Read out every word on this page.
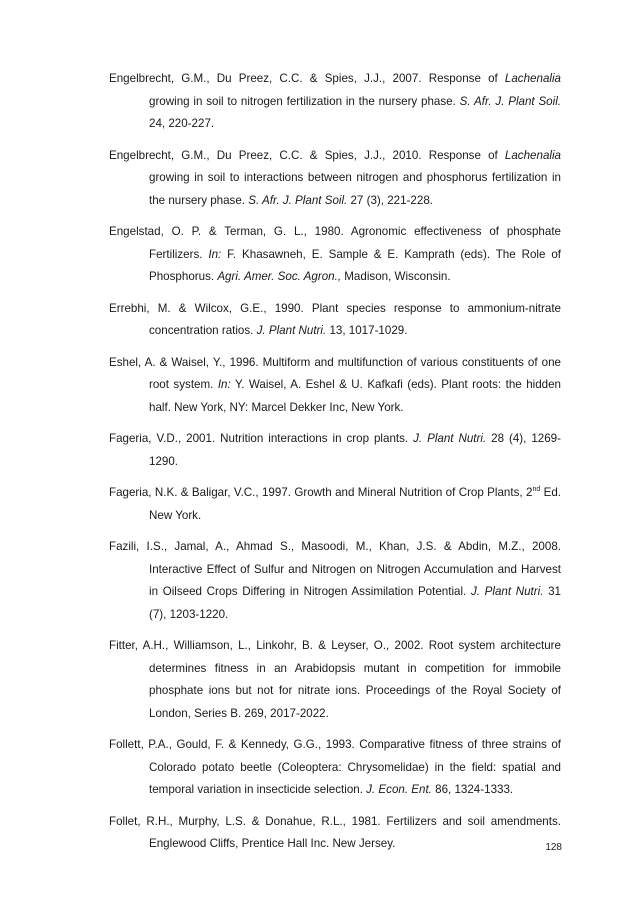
Engelbrecht, G.M., Du Preez, C.C. & Spies, J.J., 2007. Response of Lachenalia growing in soil to nitrogen fertilization in the nursery phase. S. Afr. J. Plant Soil. 24, 220-227.

Engelbrecht, G.M., Du Preez, C.C. & Spies, J.J., 2010. Response of Lachenalia growing in soil to interactions between nitrogen and phosphorus fertilization in the nursery phase. S. Afr. J. Plant Soil. 27 (3), 221-228.

Engelstad, O. P. & Terman, G. L., 1980. Agronomic effectiveness of phosphate Fertilizers. In: F. Khasawneh, E. Sample & E. Kamprath (eds). The Role of Phosphorus. Agri. Amer. Soc. Agron., Madison, Wisconsin.

Errebhi, M. & Wilcox, G.E., 1990. Plant species response to ammonium-nitrate concentration ratios. J. Plant Nutri. 13, 1017-1029.

Eshel, A. & Waisel, Y., 1996. Multiform and multifunction of various constituents of one root system. In: Y. Waisel, A. Eshel & U. Kafkafi (eds). Plant roots: the hidden half. New York, NY: Marcel Dekker Inc, New York.

Fageria, V.D., 2001. Nutrition interactions in crop plants. J. Plant Nutri. 28 (4), 1269-1290.

Fageria, N.K. & Baligar, V.C., 1997. Growth and Mineral Nutrition of Crop Plants, 2nd Ed. New York.

Fazili, I.S., Jamal, A., Ahmad S., Masoodi, M., Khan, J.S. & Abdin, M.Z., 2008. Interactive Effect of Sulfur and Nitrogen on Nitrogen Accumulation and Harvest in Oilseed Crops Differing in Nitrogen Assimilation Potential. J. Plant Nutri. 31 (7), 1203-1220.

Fitter, A.H., Williamson, L., Linkohr, B. & Leyser, O., 2002. Root system architecture determines fitness in an Arabidopsis mutant in competition for immobile phosphate ions but not for nitrate ions. Proceedings of the Royal Society of London, Series B. 269, 2017-2022.

Follett, P.A., Gould, F. & Kennedy, G.G., 1993. Comparative fitness of three strains of Colorado potato beetle (Coleoptera: Chrysomelidae) in the field: spatial and temporal variation in insecticide selection. J. Econ. Ent. 86, 1324-1333.

Follet, R.H., Murphy, L.S. & Donahue, R.L., 1981. Fertilizers and soil amendments. Englewood Cliffs, Prentice Hall Inc. New Jersey.	128
